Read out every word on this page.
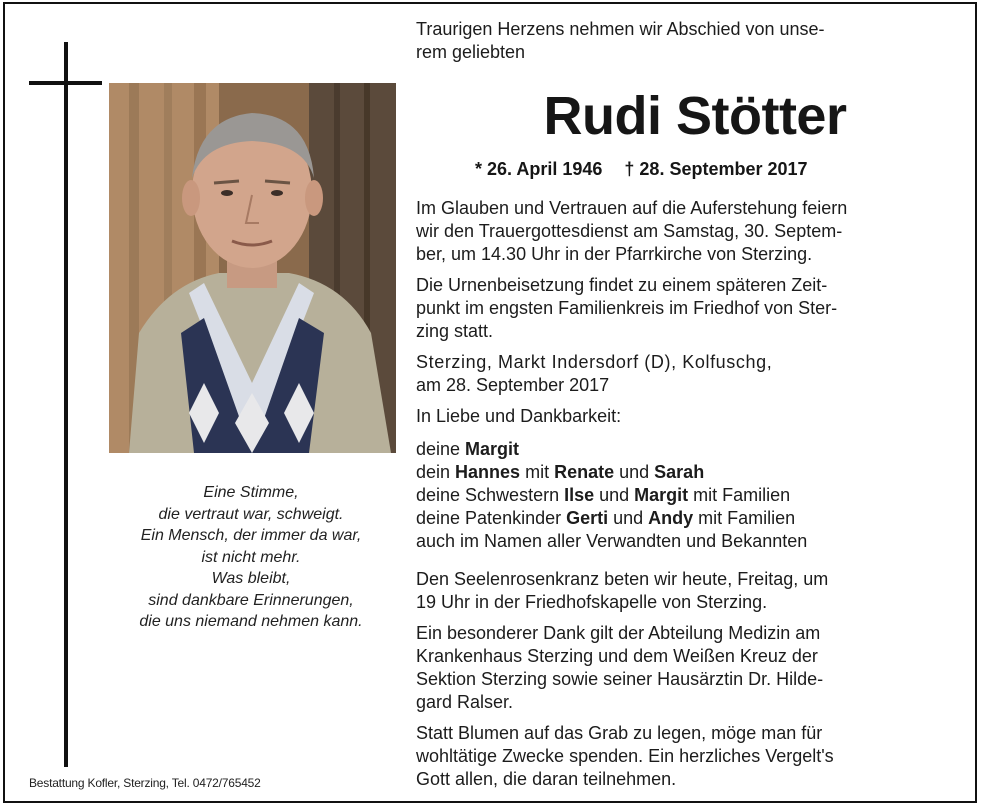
Eine Stimme,
die vertraut war, schweigt.
Ein Mensch, der immer da war,
ist nicht mehr.
Was bleibt,
sind dankbare Erinnerungen,
die uns niemand nehmen kann.
Bestattung Kofler, Sterzing, Tel. 0472/765452
Traurigen Herzens nehmen wir Abschied von unse-
rem geliebten
Rudi Stötter
* 26. April 1946 † 28. September 2017
Im Glauben und Vertrauen auf die Auferstehung feiern
wir den Trauergottesdienst am Samstag, 30. Septem-
ber, um 14.30 Uhr in der Pfarrkirche von Sterzing.
Die Urnenbeisetzung findet zu einem späteren Zeit-
punkt im engsten Familienkreis im Friedhof von Ster-
zing statt.
Sterzing, Markt Indersdorf (D), Kolfuschg,
am 28. September 2017
In Liebe und Dankbarkeit:
deine Margit
dein Hannes mit Renate und Sarah
deine Schwestern Ilse und Margit mit Familien
deine Patenkinder Gerti und Andy mit Familien
auch im Namen aller Verwandten und Bekannten
Den Seelenrosenkranz beten wir heute, Freitag, um
19 Uhr in der Friedhofskapelle von Sterzing.
Ein besonderer Dank gilt der Abteilung Medizin am
Krankenhaus Sterzing und dem Weißen Kreuz der
Sektion Sterzing sowie seiner Hausärztin Dr. Hilde-
gard Ralser.
Statt Blumen auf das Grab zu legen, möge man für
wohltätige Zwecke spenden. Ein herzliches Vergelt's
Gott allen, die daran teilnehmen.
